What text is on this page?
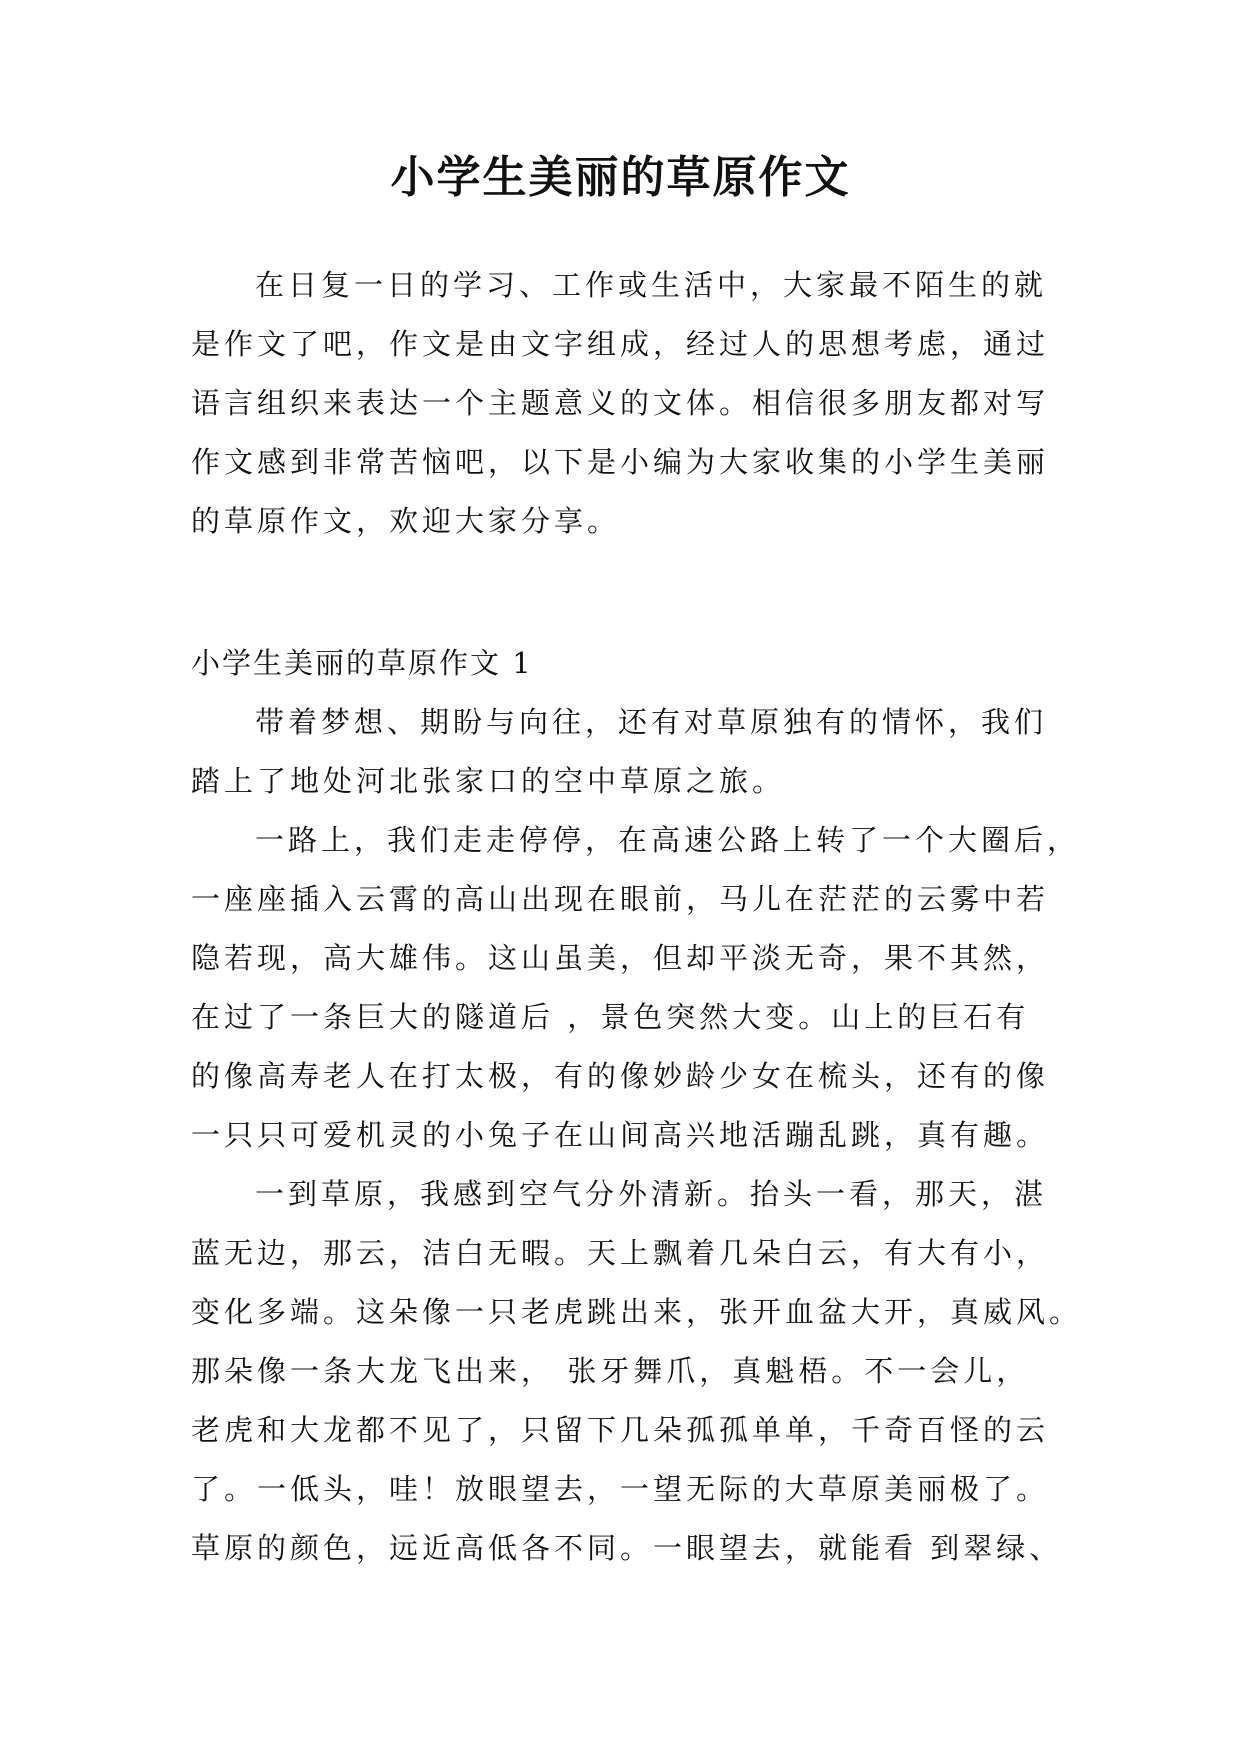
小学生美丽的草原作文
在日复一日的学习、工作或生活中，大家最不陌生的就
是作文了吧，作文是由文字组成，经过人的思想考虑，通过
语言组织来表达一个主题意义的文体。相信很多朋友都对写
作文感到非常苦恼吧，以下是小编为大家收集的小学生美丽
的草原作文，欢迎大家分享。
小学生美丽的草原作文 1
带着梦想、期盼与向往，还有对草原独有的情怀，我们
踏上了地处河北张家口的空中草原之旅。
一路上，我们走走停停，在高速公路上转了一个大圈后，
一座座插入云霄的高山出现在眼前，马儿在茫茫的云雾中若
隐若现，高大雄伟。这山虽美，但却平淡无奇，果不其然，
在过了一条巨大的隧道后 ，景色突然大变。山上的巨石有
的像高寿老人在打太极，有的像妙龄少女在梳头，还有的像
一只只可爱机灵的小兔子在山间高兴地活蹦乱跳，真有趣。
一到草原，我感到空气分外清新。抬头一看，那天，湛
蓝无边，那云，洁白无暇。天上飘着几朵白云，有大有小，
变化多端。这朵像一只老虎跳出来，张开血盆大开，真威风。
那朵像一条大龙飞出来， 张牙舞爪，真魁梧。不一会儿，
老虎和大龙都不见了，只留下几朵孤孤单单，千奇百怪的云
了。一低头，哇！放眼望去，一望无际的大草原美丽极了。
草原的颜色，远近高低各不同。一眼望去，就能看 到翠绿、
